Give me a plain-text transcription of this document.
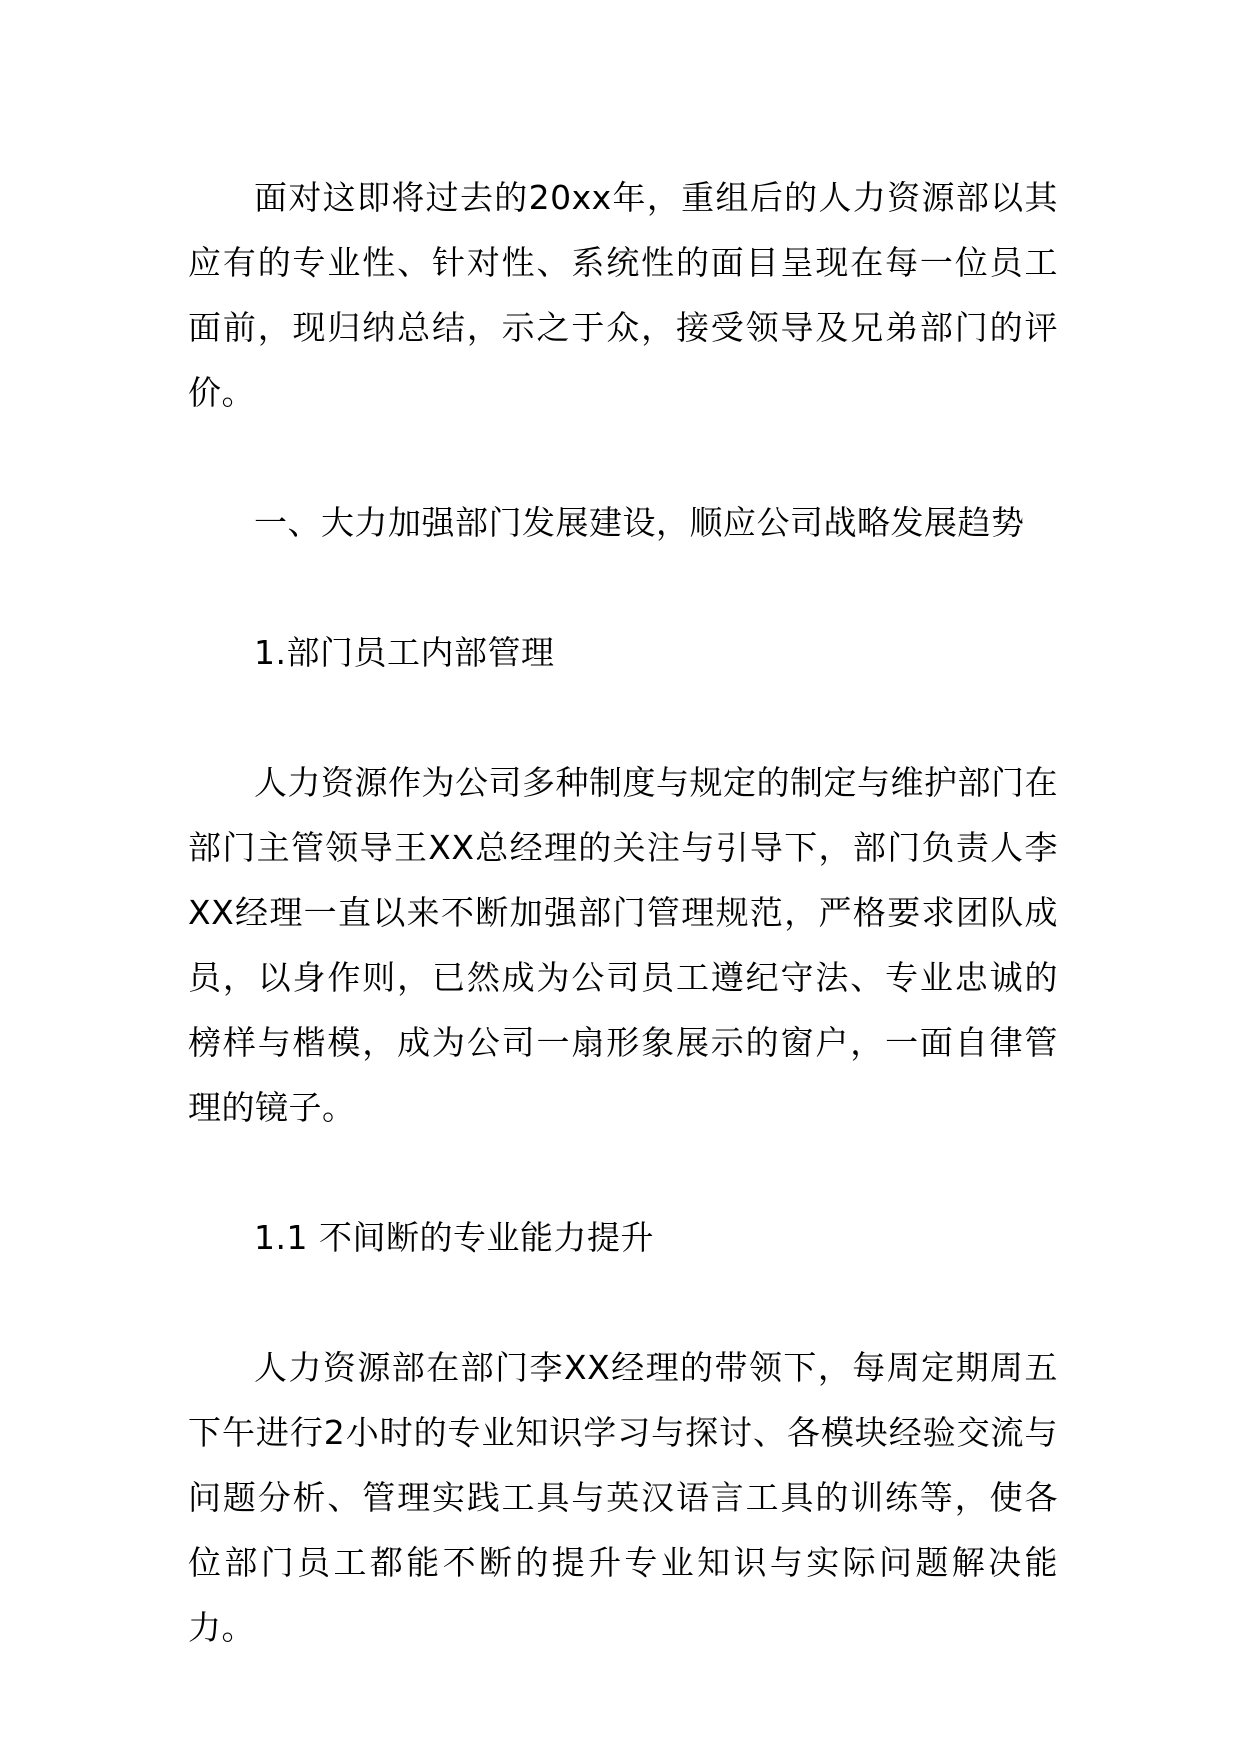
面对这即将过去的20xx年，重组后的人力资源部以其应有的专业性、针对性、系统性的面目呈现在每一位员工面前，现归纳总结，示之于众，接受领导及兄弟部门的评价。

一、大力加强部门发展建设，顺应公司战略发展趋势
1.部门员工内部管理

人力资源作为公司多种制度与规定的制定与维护部门在部门主管领导王XX总经理的关注与引导下，部门负责人李XX经理一直以来不断加强部门管理规范，严格要求团队成员，以身作则，已然成为公司员工遵纪守法、专业忠诚的榜样与楷模，成为公司一扇形象展示的窗户，一面自律管理的镜子。

1.1 不间断的专业能力提升

人力资源部在部门李XX经理的带领下，每周定期周五下午进行2小时的专业知识学习与探讨、各模块经验交流与问题分析、管理实践工具与英汉语言工具的训练等，使各位部门员工都能不断的提升专业知识与实际问题解决能力。
